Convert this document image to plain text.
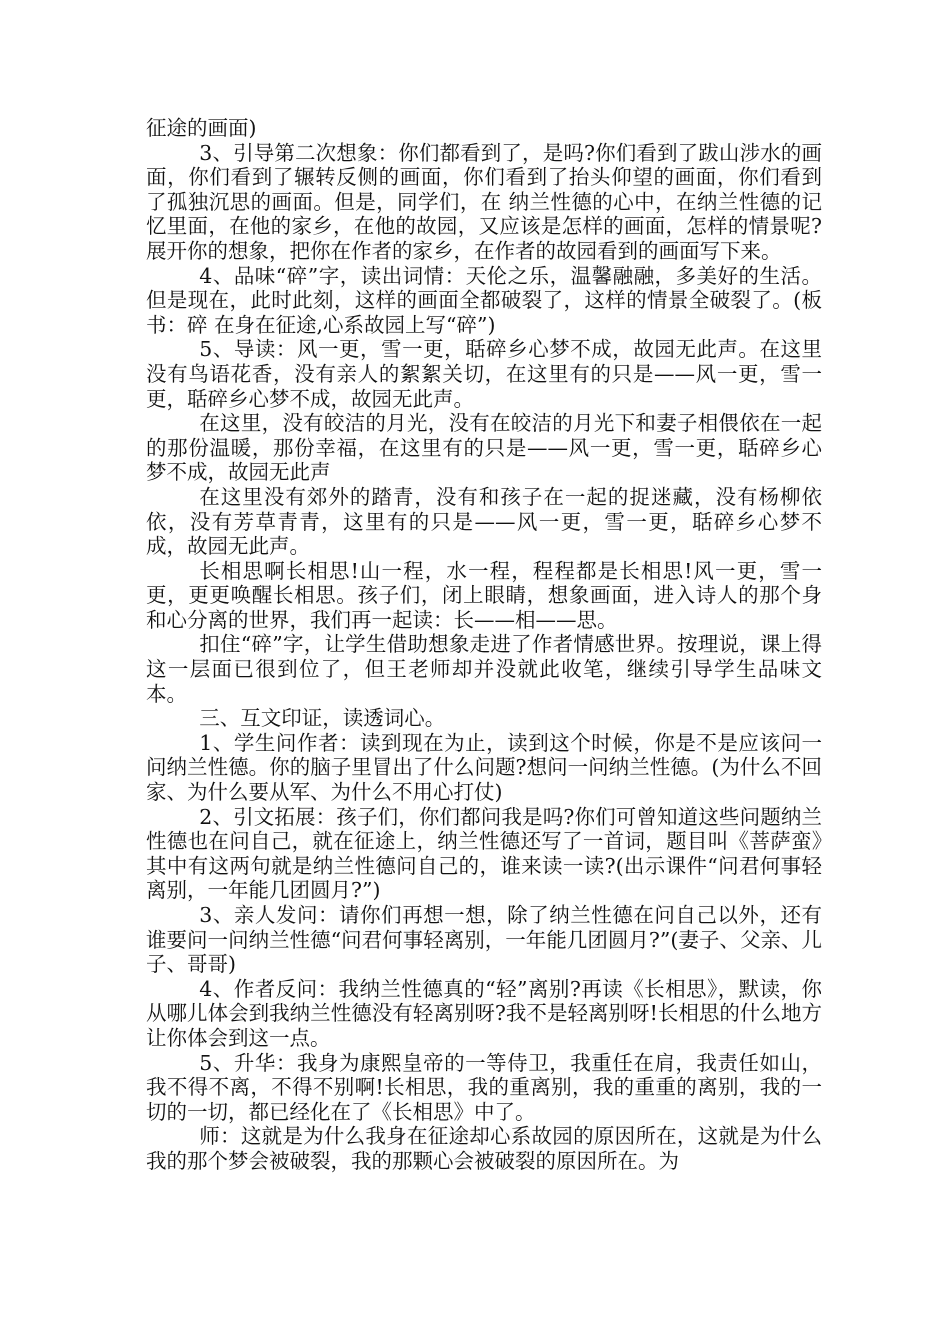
征途的画面)

3、引导第二次想象：你们都看到了，是吗?你们看到了跋山涉水的画面，你们看到了辗转反侧的画面，你们看到了抬头仰望的画面，你们看到了孤独沉思的画面。但是，同学们，在 纳兰性德的心中，在纳兰性德的记忆里面，在他的家乡，在他的故园，又应该是怎样的画面，怎样的情景呢?展开你的想象，把你在作者的家乡，在作者的故园看到的画面写下来。

4、品味“碎”字，读出词情：天伦之乐，温馨融融，多美好的生活。但是现在，此时此刻，这样的画面全都破裂了，这样的情景全破裂了。(板书：碎 在身在征途,心系故园上写“碎”)

5、导读：风一更，雪一更，聒碎乡心梦不成，故园无此声。在这里没有鸟语花香，没有亲人的絮絮关切，在这里有的只是——风一更，雪一更，聒碎乡心梦不成，故园无此声。

在这里，没有皎洁的月光，没有在皎洁的月光下和妻子相偎依在一起的那份温暖，那份幸福，在这里有的只是——风一更，雪一更，聒碎乡心梦不成，故园无此声

在这里没有郊外的踏青，没有和孩子在一起的捉迷藏，没有杨柳依依，没有芳草青青，这里有的只是——风一更，雪一更，聒碎乡心梦不成，故园无此声。

长相思啊长相思!山一程，水一程，程程都是长相思!风一更，雪一更，更更唤醒长相思。孩子们，闭上眼睛，想象画面，进入诗人的那个身和心分离的世界，我们再一起读：长——相——思。

扣住“碎”字，让学生借助想象走进了作者情感世界。按理说，课上得这一层面已很到位了，但王老师却并没就此收笔，继续引导学生品味文本。

三、互文印证，读透词心。

1、学生问作者：读到现在为止，读到这个时候，你是不是应该问一问纳兰性德。你的脑子里冒出了什么问题?想问一问纳兰性德。(为什么不回家、为什么要从军、为什么不用心打仗)

2、引文拓展：孩子们，你们都问我是吗?你们可曾知道这些问题纳兰性德也在问自己，就在征途上，纳兰性德还写了一首词，题目叫《菩萨蛮》其中有这两句就是纳兰性德问自己的，谁来读一读?(出示课件“问君何事轻离别，一年能几团圆月?”)

3、亲人发问：请你们再想一想，除了纳兰性德在问自己以外，还有谁要问一问纳兰性德“问君何事轻离别，一年能几团圆月?”(妻子、父亲、儿子、哥哥)

4、作者反问：我纳兰性德真的“轻”离别?再读《长相思》，默读，你从哪儿体会到我纳兰性德没有轻离别呀?我不是轻离别呀!长相思的什么地方让你体会到这一点。

5、升华：我身为康熙皇帝的一等侍卫，我重任在肩，我责任如山，我不得不离，不得不别啊!长相思，我的重离别，我的重重的离别，我的一切的一切，都已经化在了《长相思》中了。

师：这就是为什么我身在征途却心系故园的原因所在，这就是为什么我的那个梦会被破裂，我的那颗心会被破裂的原因所在。为
